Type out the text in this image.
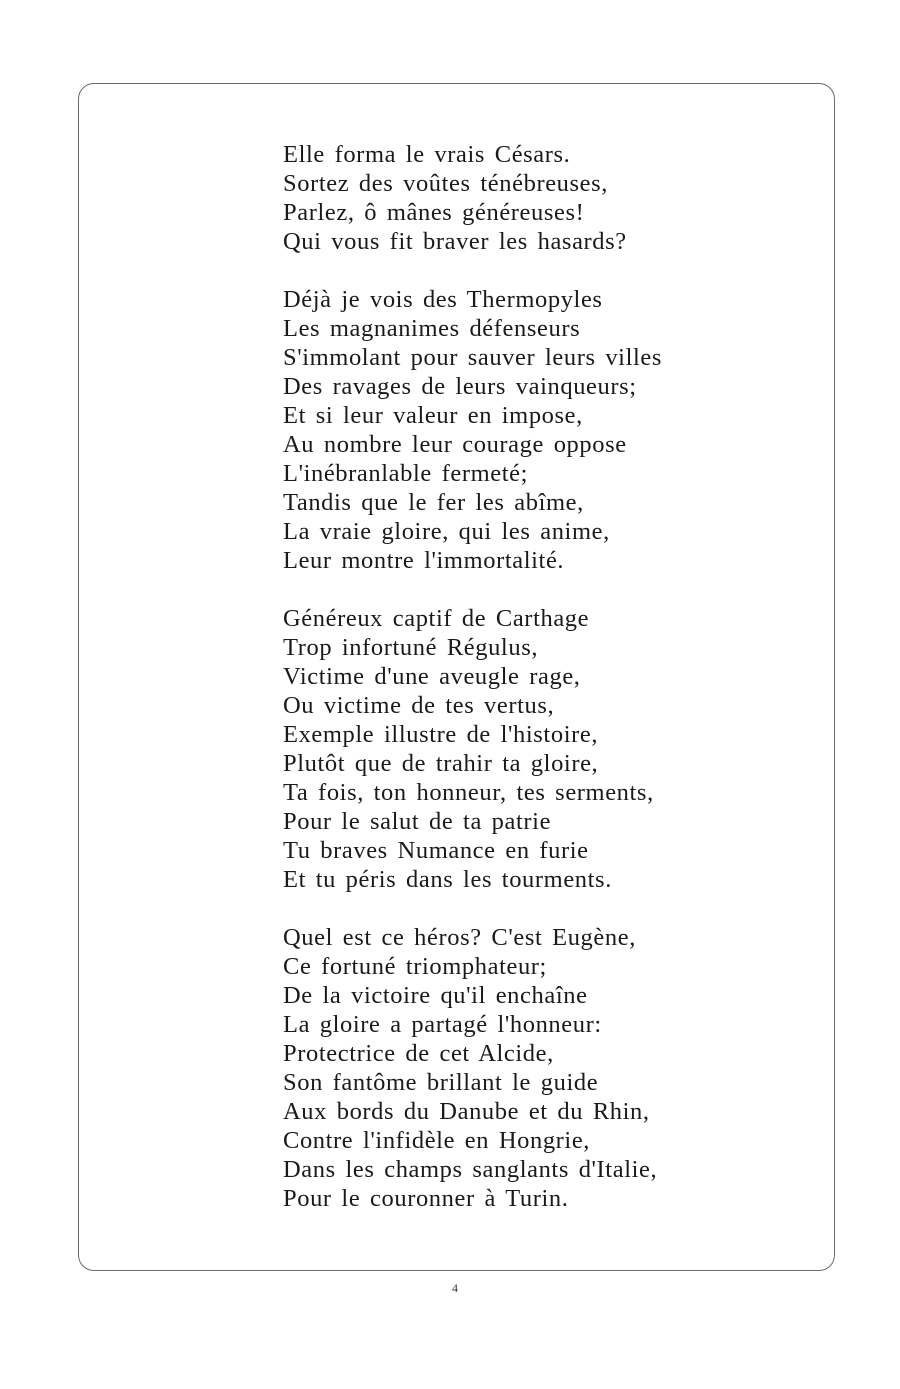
Elle forma le vrais Césars.
Sortez des voûtes ténébreuses,
Parlez, ô mânes généreuses!
Qui vous fit braver les hasards?
Déjà je vois des Thermopyles
Les magnanimes défenseurs
S'immolant pour sauver leurs villes
Des ravages de leurs vainqueurs;
Et si leur valeur en impose,
Au nombre leur courage oppose
L'inébranlable fermeté;
Tandis que le fer les abîme,
La vraie gloire, qui les anime,
Leur montre l'immortalité.
Généreux captif de Carthage
Trop infortuné Régulus,
Victime d'une aveugle rage,
Ou victime de tes vertus,
Exemple illustre de l'histoire,
Plutôt que de trahir ta gloire,
Ta fois, ton honneur, tes serments,
Pour le salut de ta patrie
Tu braves Numance en furie
Et tu péris dans les tourments.
Quel est ce héros? C'est Eugène,
Ce fortuné triomphateur;
De la victoire qu'il enchaîne
La gloire a partagé l'honneur:
Protectrice de cet Alcide,
Son fantôme brillant le guide
Aux bords du Danube et du Rhin,
Contre l'infidèle en Hongrie,
Dans les champs sanglants d'Italie,
Pour le couronner à Turin.
4
